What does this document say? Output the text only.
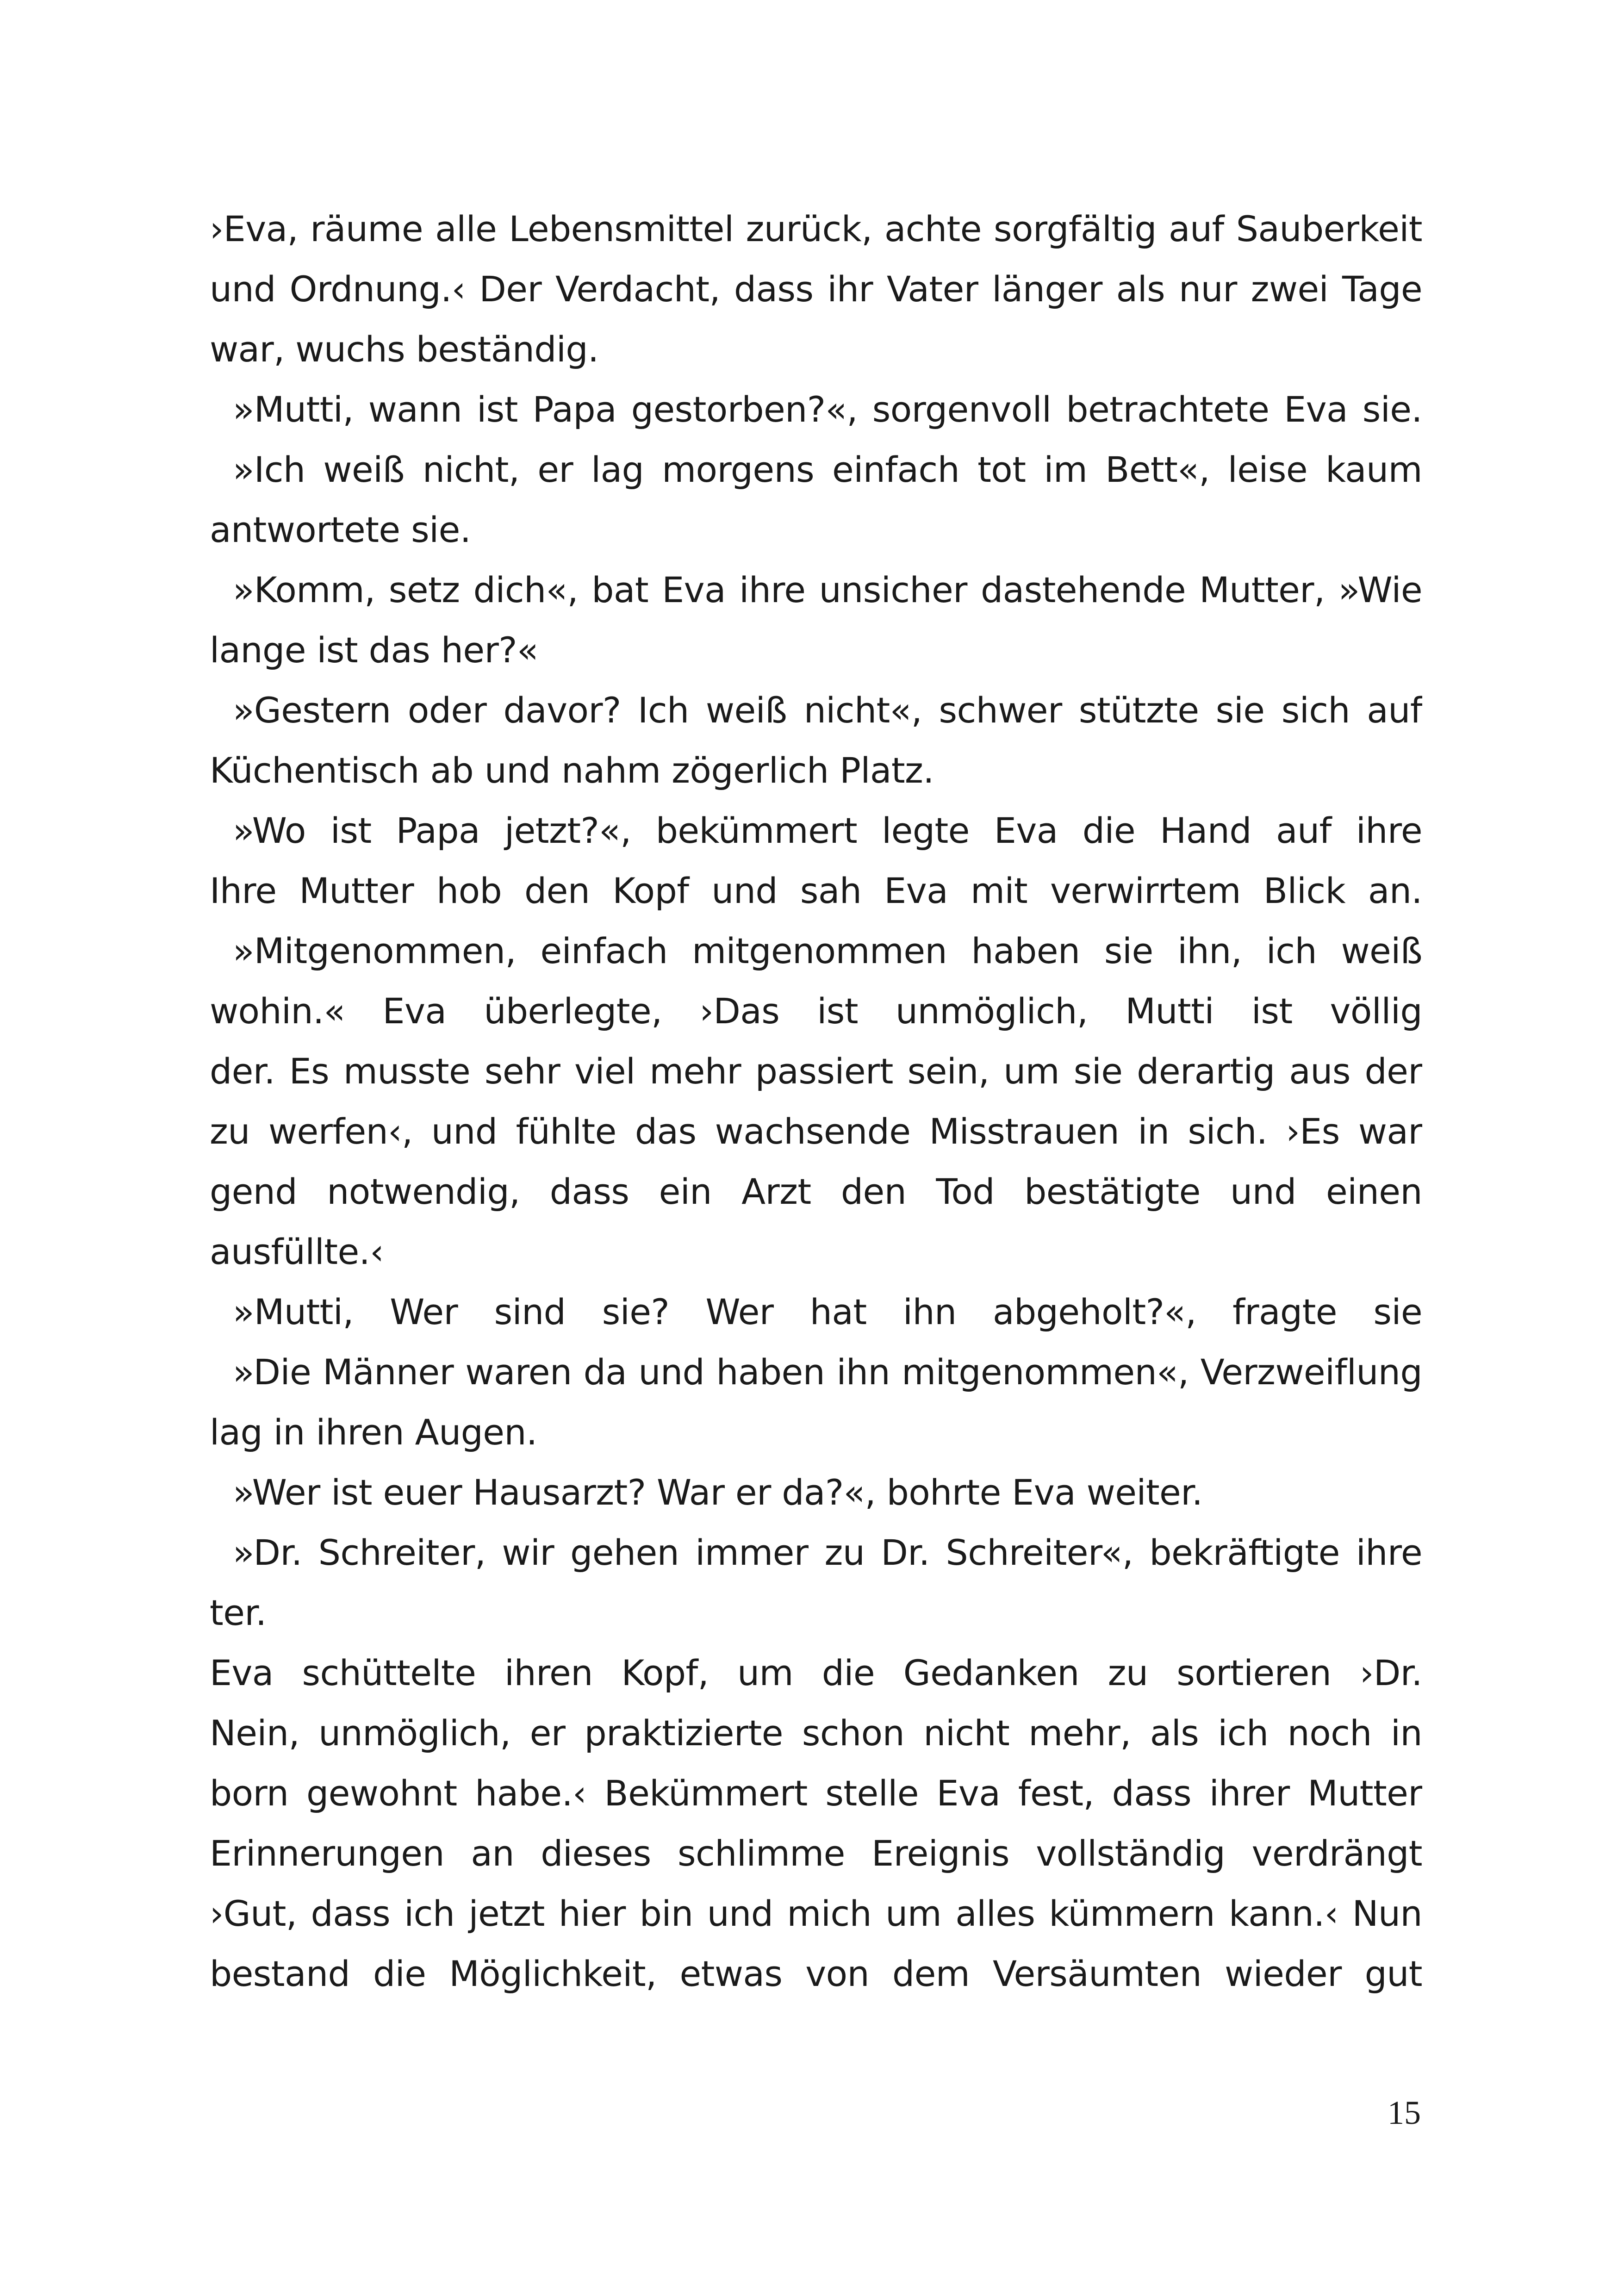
›Eva, räume alle Lebensmittel zurück, achte sorgfältig auf Sauberkeit
und Ordnung.‹ Der Verdacht, dass ihr Vater länger als nur zwei Tage
war, wuchs beständig.
»Mutti, wann ist Papa gestorben?«, sorgenvoll betrachtete Eva sie.
»Ich weiß nicht, er lag morgens einfach tot im Bett«, leise kaum
antwortete sie.
»Komm, setz dich«, bat Eva ihre unsicher dastehende Mutter, »Wie
lange ist das her?«
»Gestern oder davor? Ich weiß nicht«, schwer stützte sie sich auf
Küchentisch ab und nahm zögerlich Platz.
»Wo ist Papa jetzt?«, bekümmert legte Eva die Hand auf ihre
Ihre Mutter hob den Kopf und sah Eva mit verwirrtem Blick an.
»Mitgenommen, einfach mitgenommen haben sie ihn, ich weiß
wohin.« Eva überlegte, ›Das ist unmöglich, Mutti ist völlig
der. Es musste sehr viel mehr passiert sein, um sie derartig aus der
zu werfen‹, und fühlte das wachsende Misstrauen in sich. ›Es war
gend notwendig, dass ein Arzt den Tod bestätigte und einen
ausfüllte.‹
»Mutti, Wer sind sie? Wer hat ihn abgeholt?«, fragte sie
»Die Männer waren da und haben ihn mitgenommen«, Verzweiflung
lag in ihren Augen.
»Wer ist euer Hausarzt? War er da?«, bohrte Eva weiter.
»Dr. Schreiter, wir gehen immer zu Dr. Schreiter«, bekräftigte ihre
ter.
Eva schüttelte ihren Kopf, um die Gedanken zu sortieren ›Dr.
Nein, unmöglich, er praktizierte schon nicht mehr, als ich noch in
born gewohnt habe.‹ Bekümmert stelle Eva fest, dass ihrer Mutter
Erinnerungen an dieses schlimme Ereignis vollständig verdrängt
›Gut, dass ich jetzt hier bin und mich um alles kümmern kann.‹ Nun
bestand die Möglichkeit, etwas von dem Versäumten wieder gut
15
